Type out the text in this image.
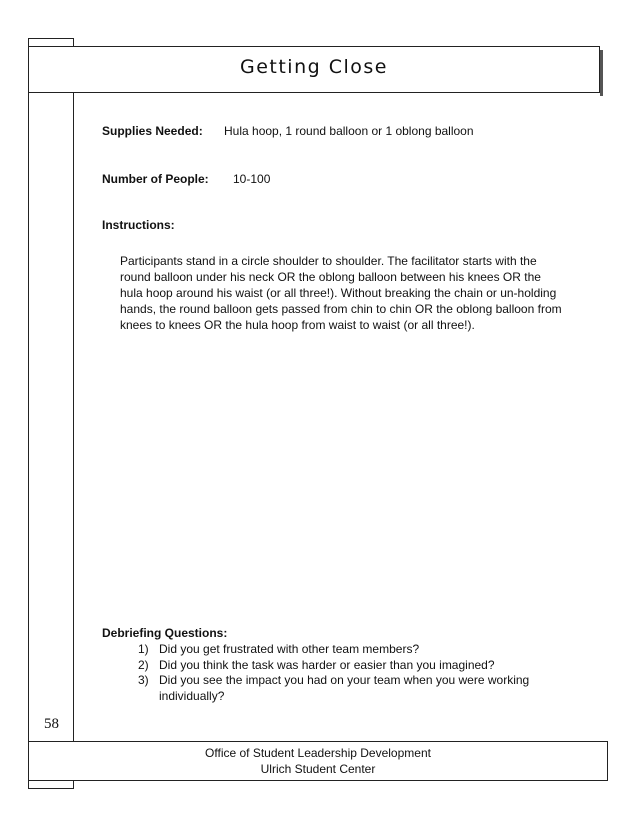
Getting Close
Supplies Needed: Hula hoop, 1 round balloon or 1 oblong balloon
Number of People: 10-100
Instructions:
Participants stand in a circle shoulder to shoulder. The facilitator starts with the
round balloon under his neck OR the oblong balloon between his knees OR the
hula hoop around his waist (or all three!). Without breaking the chain or un-holding
hands, the round balloon gets passed from chin to chin OR the oblong balloon from
knees to knees OR the hula hoop from waist to waist (or all three!).
Debriefing Questions:
1) Did you get frustrated with other team members?
2) Did you think the task was harder or easier than you imagined?
3) Did you see the impact you had on your team when you were working individually?
58
Office of Student Leadership Development
Ulrich Student Center
